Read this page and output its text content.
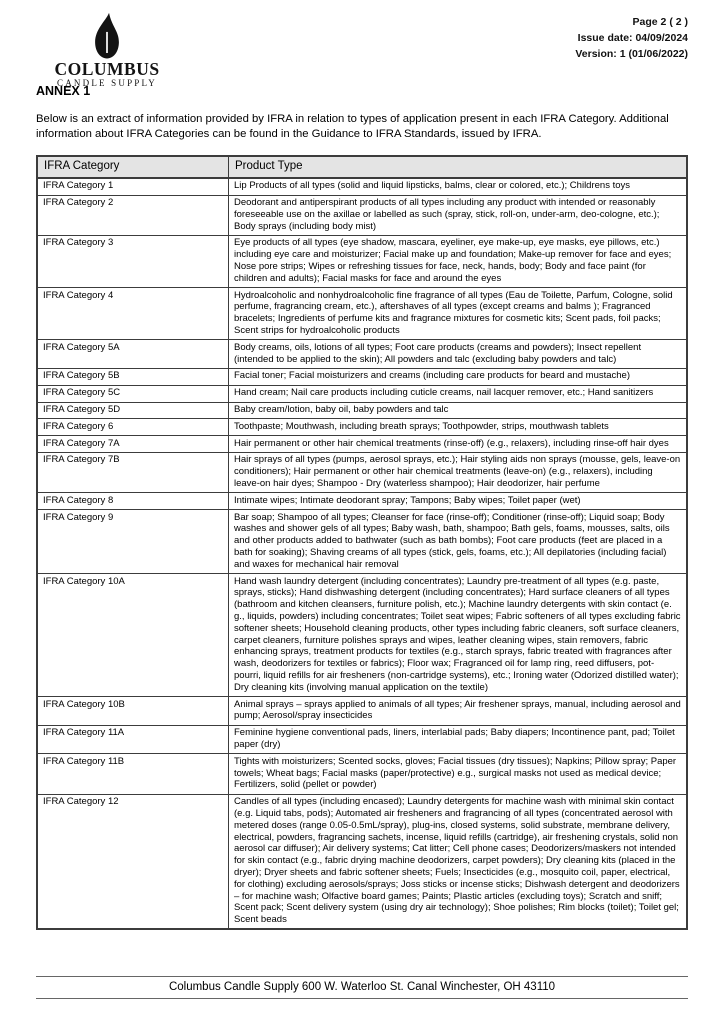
COLUMBUS
CANDLE SUPPLY
Page 2 ( 2 )
Issue date: 04/09/2024
Version: 1 (01/06/2022)
ANNEX 1
Below is an extract of information provided by IFRA in relation to types of application present in each IFRA Category. Additional information about IFRA Categories can be found in the Guidance to IFRA Standards, issued by IFRA.
IFRA Category	Product Type
IFRA Category 1	Lip Products of all types (solid and liquid lipsticks, balms, clear or colored, etc.); Childrens toys
IFRA Category 2	Deodorant and antiperspirant products of all types including any product with intended or reasonably foreseeable use on the axillae or labelled as such (spray, stick, roll-on, under-arm, deo-cologne, etc.); Body sprays (including body mist)
IFRA Category 3	Eye products of all types (eye shadow, mascara, eyeliner, eye make-up, eye masks, eye pillows, etc.) including eye care and moisturizer; Facial make up and foundation; Make-up remover for face and eyes; Nose pore strips; Wipes or refreshing tissues for face, neck, hands, body; Body and face paint (for children and adults); Facial masks for face and around the eyes
IFRA Category 4	Hydroalcoholic and nonhydroalcoholic fine fragrance of all types (Eau de Toilette, Parfum, Cologne, solid perfume, fragrancing cream, etc.), aftershaves of all types (except creams and balms ); Fragranced bracelets; Ingredients of perfume kits and fragrance mixtures for cosmetic kits; Scent pads, foil packs; Scent strips for hydroalcoholic products
IFRA Category 5A	Body creams, oils, lotions of all types; Foot care products (creams and powders); Insect repellent (intended to be applied to the skin); All powders and talc (excluding baby powders and talc)
IFRA Category 5B	Facial toner; Facial moisturizers and creams (including care products for beard and mustache)
IFRA Category 5C	Hand cream; Nail care products including cuticle creams, nail lacquer remover, etc.; Hand sanitizers
IFRA Category 5D	Baby cream/lotion, baby oil, baby powders and talc
IFRA Category 6	Toothpaste; Mouthwash, including breath sprays; Toothpowder, strips, mouthwash tablets
IFRA Category 7A	Hair permanent or other hair chemical treatments (rinse-off) (e.g., relaxers), including rinse-off hair dyes
IFRA Category 7B	Hair sprays of all types (pumps, aerosol sprays, etc.); Hair styling aids non sprays (mousse, gels, leave-on conditioners); Hair permanent or other hair chemical treatments (leave-on) (e.g., relaxers), including leave-on hair dyes; Shampoo - Dry (waterless shampoo); Hair deodorizer, hair perfume
IFRA Category 8	Intimate wipes; Intimate deodorant spray; Tampons; Baby wipes; Toilet paper (wet)
IFRA Category 9	Bar soap; Shampoo of all types; Cleanser for face (rinse-off); Conditioner (rinse-off); Liquid soap; Body washes and shower gels of all types; Baby wash, bath, shampoo; Bath gels, foams, mousses, salts, oils and other products added to bathwater (such as bath bombs); Foot care products (feet are placed in a bath for soaking); Shaving creams of all types (stick, gels, foams, etc.); All depilatories (including facial) and waxes for mechanical hair removal
IFRA Category 10A	Hand wash laundry detergent (including concentrates); Laundry pre-treatment of all types (e.g. paste, sprays, sticks); Hand dishwashing detergent (including concentrates); Hard surface cleaners of all types (bathroom and kitchen cleansers, furniture polish, etc.); Machine laundry detergents with skin contact (e. g., liquids, powders) including concentrates; Toilet seat wipes; Fabric softeners of all types excluding fabric softener sheets; Household cleaning products, other types including fabric cleaners, soft surface cleaners, carpet cleaners, furniture polishes sprays and wipes, leather cleaning wipes, stain removers, fabric enhancing sprays, treatment products for textiles (e.g., starch sprays, fabric treated with fragrances after wash, deodorizers for textiles or fabrics); Floor wax; Fragranced oil for lamp ring, reed diffusers, pot-pourri, liquid refills for air fresheners (non-cartridge systems), etc.; Ironing water (Odorized distilled water); Dry cleaning kits (involving manual application on the textile)
IFRA Category 10B	Animal sprays – sprays applied to animals of all types; Air freshener sprays, manual, including aerosol and pump; Aerosol/spray insecticides
IFRA Category 11A	Feminine hygiene conventional pads, liners, interlabial pads; Baby diapers; Incontinence pant, pad; Toilet paper (dry)
IFRA Category 11B	Tights with moisturizers; Scented socks, gloves; Facial tissues (dry tissues); Napkins; Pillow spray; Paper towels; Wheat bags; Facial masks (paper/protective) e.g., surgical masks not used as medical device; Fertilizers, solid (pellet or powder)
IFRA Category 12	Candles of all types (including encased); Laundry detergents for machine wash with minimal skin contact (e.g. Liquid tabs, pods); Automated air fresheners and fragrancing of all types (concentrated aerosol with metered doses (range 0.05-0.5mL/spray), plug-ins, closed systems, solid substrate, membrane delivery, electrical, powders, fragrancing sachets, incense, liquid refills (cartridge), air freshening crystals, solid non aerosol car diffuser); Air delivery systems; Cat litter; Cell phone cases; Deodorizers/maskers not intended for skin contact (e.g., fabric drying machine deodorizers, carpet powders); Dry cleaning kits (placed in the dryer); Dryer sheets and fabric softener sheets; Fuels; Insecticides (e.g., mosquito coil, paper, electrical, for clothing) excluding aerosols/sprays; Joss sticks or incense sticks; Dishwash detergent and deodorizers – for machine wash; Olfactive board games; Paints; Plastic articles (excluding toys); Scratch and sniff; Scent pack; Scent delivery system (using dry air technology); Shoe polishes; Rim blocks (toilet); Toilet gel; Scent beads
Columbus Candle Supply 600 W. Waterloo St. Canal Winchester, OH 43110
